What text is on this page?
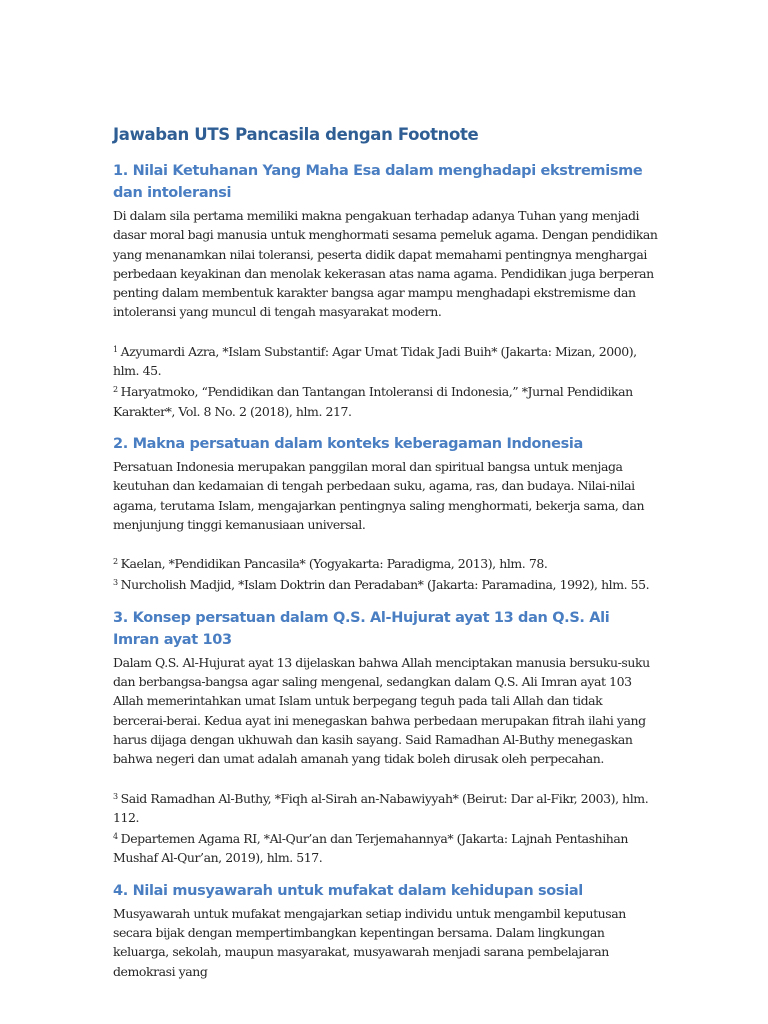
Jawaban UTS Pancasila dengan Footnote
1. Nilai Ketuhanan Yang Maha Esa dalam menghadapi ekstremisme dan intoleransi

Di dalam sila pertama memiliki makna pengakuan terhadap adanya Tuhan yang menjadi dasar moral bagi manusia untuk menghormati sesama pemeluk agama. Dengan pendidikan yang menanamkan nilai toleransi, peserta didik dapat memahami pentingnya menghargai perbedaan keyakinan dan menolak kekerasan atas nama agama. Pendidikan juga berperan penting dalam membentuk karakter bangsa agar mampu menghadapi ekstremisme dan intoleransi yang muncul di tengah masyarakat modern.

$^1$ Azyumardi Azra, *Islam Substantif: Agar Umat Tidak Jadi Buih* (Jakarta: Mizan, 2000), hlm. 45.

$^2$ Haryatmoko, “Pendidikan dan Tantangan Intoleransi di Indonesia,” *Jurnal Pendidikan Karakter*, Vol. 8 No. 2 (2018), hlm. 217.

2. Makna persatuan dalam konteks keberagaman Indonesia

Persatuan Indonesia merupakan panggilan moral dan spiritual bangsa untuk menjaga keutuhan dan kedamaian di tengah perbedaan suku, agama, ras, dan budaya. Nilai-nilai agama, terutama Islam, mengajarkan pentingnya saling menghormati, bekerja sama, dan menjunjung tinggi kemanusiaan universal.

$^2$ Kaelan, *Pendidikan Pancasila* (Yogyakarta: Paradigma, 2013), hlm. 78.

$^3$ Nurcholish Madjid, *Islam Doktrin dan Peradaban* (Jakarta: Paramadina, 1992), hlm. 55.

3. Konsep persatuan dalam Q.S. Al-Hujurat ayat 13 dan Q.S. Ali Imran ayat 103

Dalam Q.S. Al-Hujurat ayat 13 dijelaskan bahwa Allah menciptakan manusia bersuku-suku dan berbangsa-bangsa agar saling mengenal, sedangkan dalam Q.S. Ali Imran ayat 103 Allah memerintahkan umat Islam untuk berpegang teguh pada tali Allah dan tidak bercerai-berai. Kedua ayat ini menegaskan bahwa perbedaan merupakan fitrah ilahi yang harus dijaga dengan ukhuwah dan kasih sayang. Said Ramadhan Al-Buthy menegaskan bahwa negeri dan umat adalah amanah yang tidak boleh dirusak oleh perpecahan.

$^3$ Said Ramadhan Al-Buthy, *Fiqh al-Sirah an-Nabawiyyah* (Beirut: Dar al-Fikr, 2003), hlm. 112.

$^4$ Departemen Agama RI, *Al-Qur’an dan Terjemahannya* (Jakarta: Lajnah Pentashihan Mushaf Al-Qur’an, 2019), hlm. 517.

4. Nilai musyawarah untuk mufakat dalam kehidupan sosial

Musyawarah untuk mufakat mengajarkan setiap individu untuk mengambil keputusan secara bijak dengan mempertimbangkan kepentingan bersama. Dalam lingkungan keluarga, sekolah, maupun masyarakat, musyawarah menjadi sarana pembelajaran demokrasi yang
